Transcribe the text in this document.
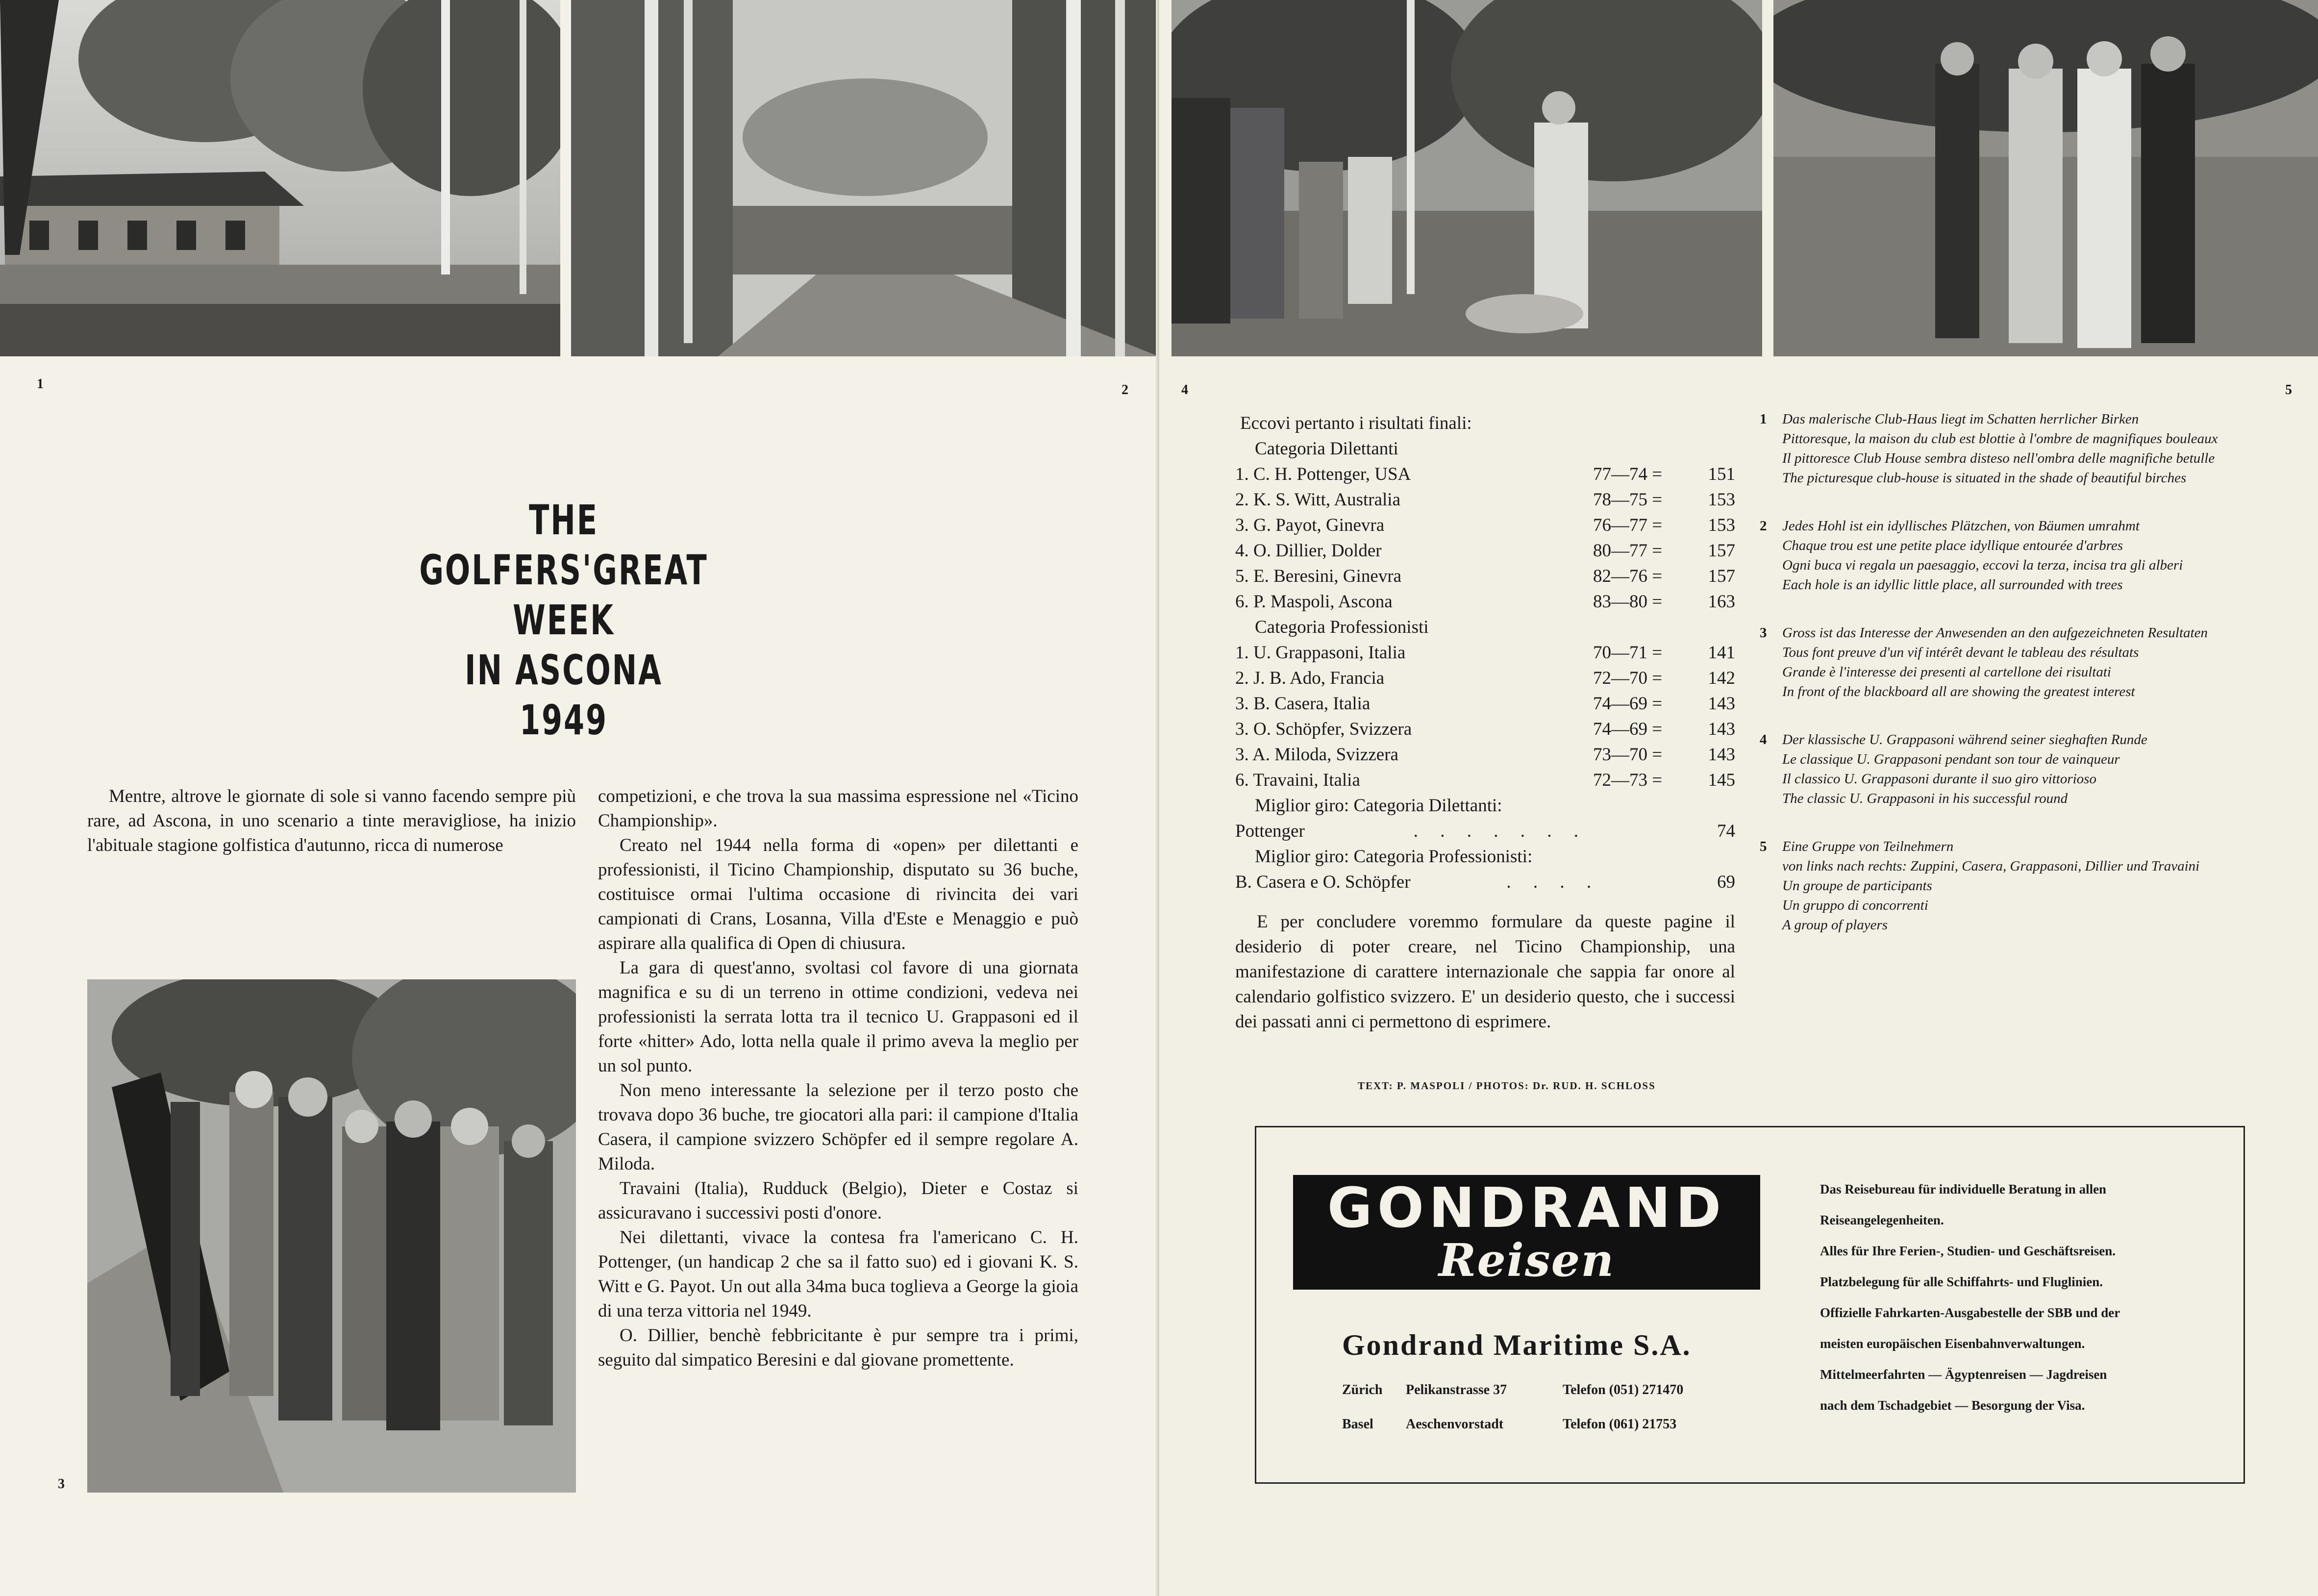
1	2
THE
GOLFERS'GREAT WEEK
IN ASCONA
1949

Mentre, altrove le giornate di sole si vanno facendo sempre più rare, ad Ascona, in uno scenario a tinte meravigliose, ha inizio l'abituale stagione golfistica d'autunno, ricca di numerose

3

competizioni, e che trova la sua massima espressione nel «Ticino Championship».

Creato nel 1944 nella forma di «open» per dilettanti e professionisti, il Ticino Championship, disputato su 36 buche, costituisce ormai l'ultima occasione di rivincita dei vari campionati di Crans, Losanna, Villa d'Este e Menaggio e può aspirare alla qualifica di Open di chiusura.

La gara di quest'anno, svoltasi col favore di una giornata magnifica e su di un terreno in ottime condizioni, vedeva nei professionisti la serrata lotta tra il tecnico U. Grappasoni ed il forte «hitter» Ado, lotta nella quale il primo aveva la meglio per un sol punto.

Non meno interessante la selezione per il terzo posto che trovava dopo 36 buche, tre giocatori alla pari: il campione d'Italia Casera, il campione svizzero Schöpfer ed il sempre regolare A. Miloda.

Travaini (Italia), Rudduck (Belgio), Dieter e Costaz si assicuravano i successivi posti d'onore.

Nei dilettanti, vivace la contesa fra l'americano C. H. Pottenger, (un handicap 2 che sa il fatto suo) ed i giovani K. S. Witt e G. Payot. Un out alla 34ma buca toglieva a George la gioia di una terza vittoria nel 1949.

O. Dillier, benchè febbricitante è pur sempre tra i primi, seguito dal simpatico Beresini e dal giovane promettente.

4	5
Eccovi pertanto i risultati finali:
Categoria Dilettanti
1. C. H. Pottenger, USA	77—74 =	151
2. K. S. Witt, Australia	78—75 =	153
3. G. Payot, Ginevra	76—77 =	153
4. O. Dillier, Dolder	80—77 =	157
5. E. Beresini, Ginevra	82—76 =	157
6. P. Maspoli, Ascona	83—80 =	163
Categoria Professionisti
1. U. Grappasoni, Italia	70—71 =	141
2. J. B. Ado, Francia	72—70 =	142
3. B. Casera, Italia	74—69 =	143
3. O. Schöpfer, Svizzera	74—69 =	143
3. A. Miloda, Svizzera	73—70 =	143
6. Travaini, Italia	72—73 =	145
Miglior giro: Categoria Dilettanti:
Pottenger	. . . . . . .	74
Miglior giro: Categoria Professionisti:
B. Casera e O. Schöpfer	. . . .	69

E per concludere voremmo formulare da queste pagine il desiderio di poter creare, nel Ticino Championship, una manifestazione di carattere internazionale che sappia far onore al calendario golfistico svizzero. E' un desiderio questo, che i successi dei passati anni ci permettono di esprimere.

TEXT: P. MASPOLI / PHOTOS: Dr. RUD. H. SCHLOSS
1 Das malerische Club-Haus liegt im Schatten herrlicher Birken
Pittoresque, la maison du club est blottie à l'ombre de magnifiques bouleaux
Il pittoresce Club House sembra disteso nell'ombra delle magnifiche betulle
The picturesque club-house is situated in the shade of beautiful birches
2 Jedes Hohl ist ein idyllisches Plätzchen, von Bäumen umrahmt
Chaque trou est une petite place idyllique entourée d'arbres
Ogni buca vi regala un paesaggio, eccovi la terza, incisa tra gli alberi
Each hole is an idyllic little place, all surrounded with trees
3 Gross ist das Interesse der Anwesenden an den aufgezeichneten Resultaten
Tous font preuve d'un vif intérêt devant le tableau des résultats
Grande è l'interesse dei presenti al cartellone dei risultati
In front of the blackboard all are showing the greatest interest
4 Der klassische U. Grappasoni während seiner sieghaften Runde
Le classique U. Grappasoni pendant son tour de vainqueur
Il classico U. Grappasoni durante il suo giro vittorioso
The classic U. Grappasoni in his successful round
5 Eine Gruppe von Teilnehmern
von links nach rechts: Zuppini, Casera, Grappasoni, Dillier und Travaini
Un groupe de participants
Un gruppo di concorrenti
A group of players
GONDRAND
Reisen
Gondrand Maritime S.A.
Zürich Pelikanstrasse 37	Telefon (051) 271470
Basel Aeschenvorstadt	Telefon (061) 21753
Das Reisebureau für individuelle Beratung in allen
Reiseangelegenheiten.
Alles für Ihre Ferien-, Studien- und Geschäftsreisen.
Platzbelegung für alle Schiffahrts- und Fluglinien.
Offizielle Fahrkarten-Ausgabestelle der SBB und der
meisten europäischen Eisenbahnverwaltungen.
Mittelmeerfahrten — Ägyptenreisen — Jagdreisen
nach dem Tschadgebiet — Besorgung der Visa.
